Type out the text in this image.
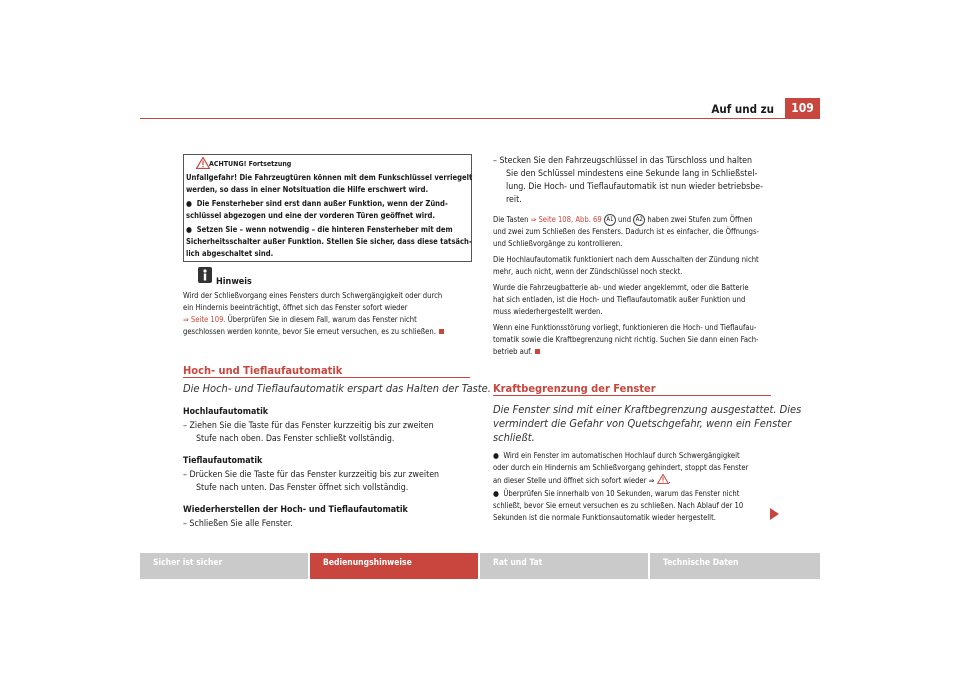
Auf und zu	109
ACHTUNG! Fortsetzung
Unfallgefahr! Die Fahrzeugtüren können mit dem Funkschlüssel verriegelt
werden, so dass in einer Notsituation die Hilfe erschwert wird.
●  Die Fensterheber sind erst dann außer Funktion, wenn der Zünd-
schlüssel abgezogen und eine der vorderen Türen geöffnet wird.
●  Setzen Sie – wenn notwendig – die hinteren Fensterheber mit dem
Sicherheitsschalter außer Funktion. Stellen Sie sicher, dass diese tatsäch-
lich abgeschaltet sind.
Hinweis
Wird der Schließvorgang eines Fensters durch Schwergängigkeit oder durch
ein Hindernis beeinträchtigt, öffnet sich das Fenster sofort wieder
⇒ Seite 109. Überprüfen Sie in diesem Fall, warum das Fenster nicht
geschlossen werden konnte, bevor Sie erneut versuchen, es zu schließen.
Hoch- und Tieflaufautomatik
Die Hoch- und Tieflaufautomatik erspart das Halten der Taste.
Hochlaufautomatik
– Ziehen Sie die Taste für das Fenster kurzzeitig bis zur zweiten
Stufe nach oben. Das Fenster schließt vollständig.
Tieflaufautomatik
– Drücken Sie die Taste für das Fenster kurzzeitig bis zur zweiten
Stufe nach unten. Das Fenster öffnet sich vollständig.
Wiederherstellen der Hoch- und Tieflaufautomatik
– Schließen Sie alle Fenster.
– Stecken Sie den Fahrzeugschlüssel in das Türschloss und halten
Sie den Schlüssel mindestens eine Sekunde lang in Schließstel-
lung. Die Hoch- und Tieflaufautomatik ist nun wieder betriebsbe-
reit.
Die Tasten ⇒ Seite 108, Abb. 69 A1 und A2 haben zwei Stufen zum Öffnen
und zwei zum Schließen des Fensters. Dadurch ist es einfacher, die Öffnungs-
und Schließvorgänge zu kontrollieren.
Die Hochlaufautomatik funktioniert nach dem Ausschalten der Zündung nicht
mehr, auch nicht, wenn der Zündschlüssel noch steckt.
Wurde die Fahrzeugbatterie ab- und wieder angeklemmt, oder die Batterie
hat sich entladen, ist die Hoch- und Tieflaufautomatik außer Funktion und
muss wiederhergestellt werden.
Wenn eine Funktionsstörung vorliegt, funktionieren die Hoch- und Tieflaufau-
tomatik sowie die Kraftbegrenzung nicht richtig. Suchen Sie dann einen Fach-
betrieb auf.
Kraftbegrenzung der Fenster
Die Fenster sind mit einer Kraftbegrenzung ausgestattet. Dies
vermindert die Gefahr von Quetschgefahr, wenn ein Fenster
schließt.
●  Wird ein Fenster im automatischen Hochlauf durch Schwergängigkeit
oder durch ein Hindernis am Schließvorgang gehindert, stoppt das Fenster
an dieser Stelle und öffnet sich sofort wieder ⇒ .
●  Überprüfen Sie innerhalb von 10 Sekunden, warum das Fenster nicht
schließt, bevor Sie erneut versuchen es zu schließen. Nach Ablauf der 10
Sekunden ist die normale Funktionsautomatik wieder hergestellt.
Sicher ist sicher	Bedienungshinweise	Rat und Tat	Technische Daten
